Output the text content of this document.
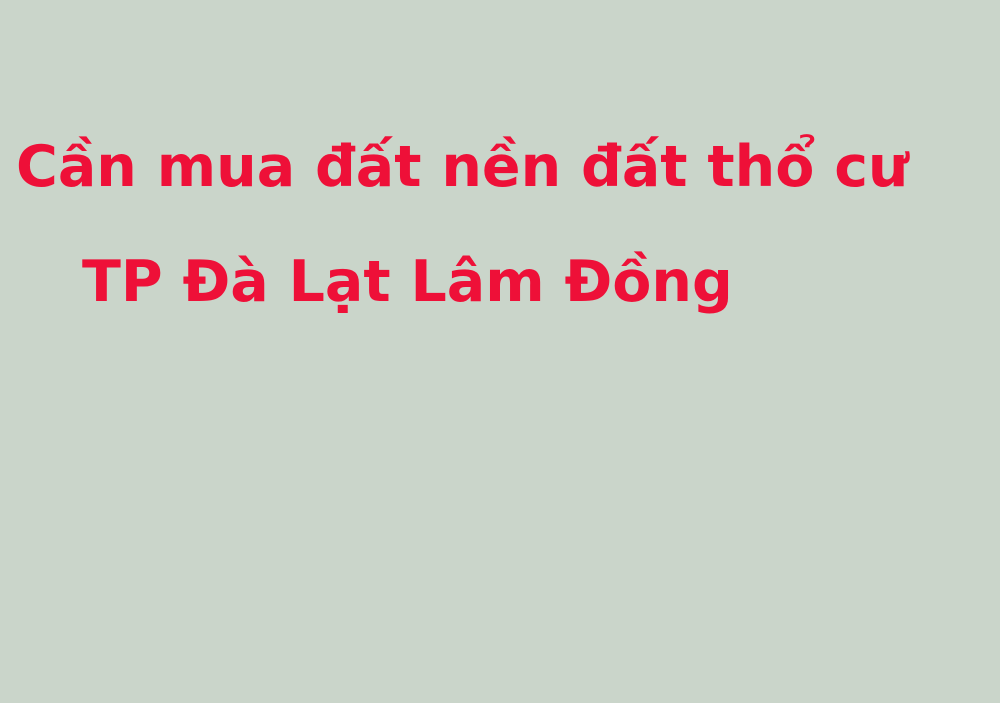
Cần mua đất nền đất thổ cư

TP Đà Lạt Lâm Đồng
